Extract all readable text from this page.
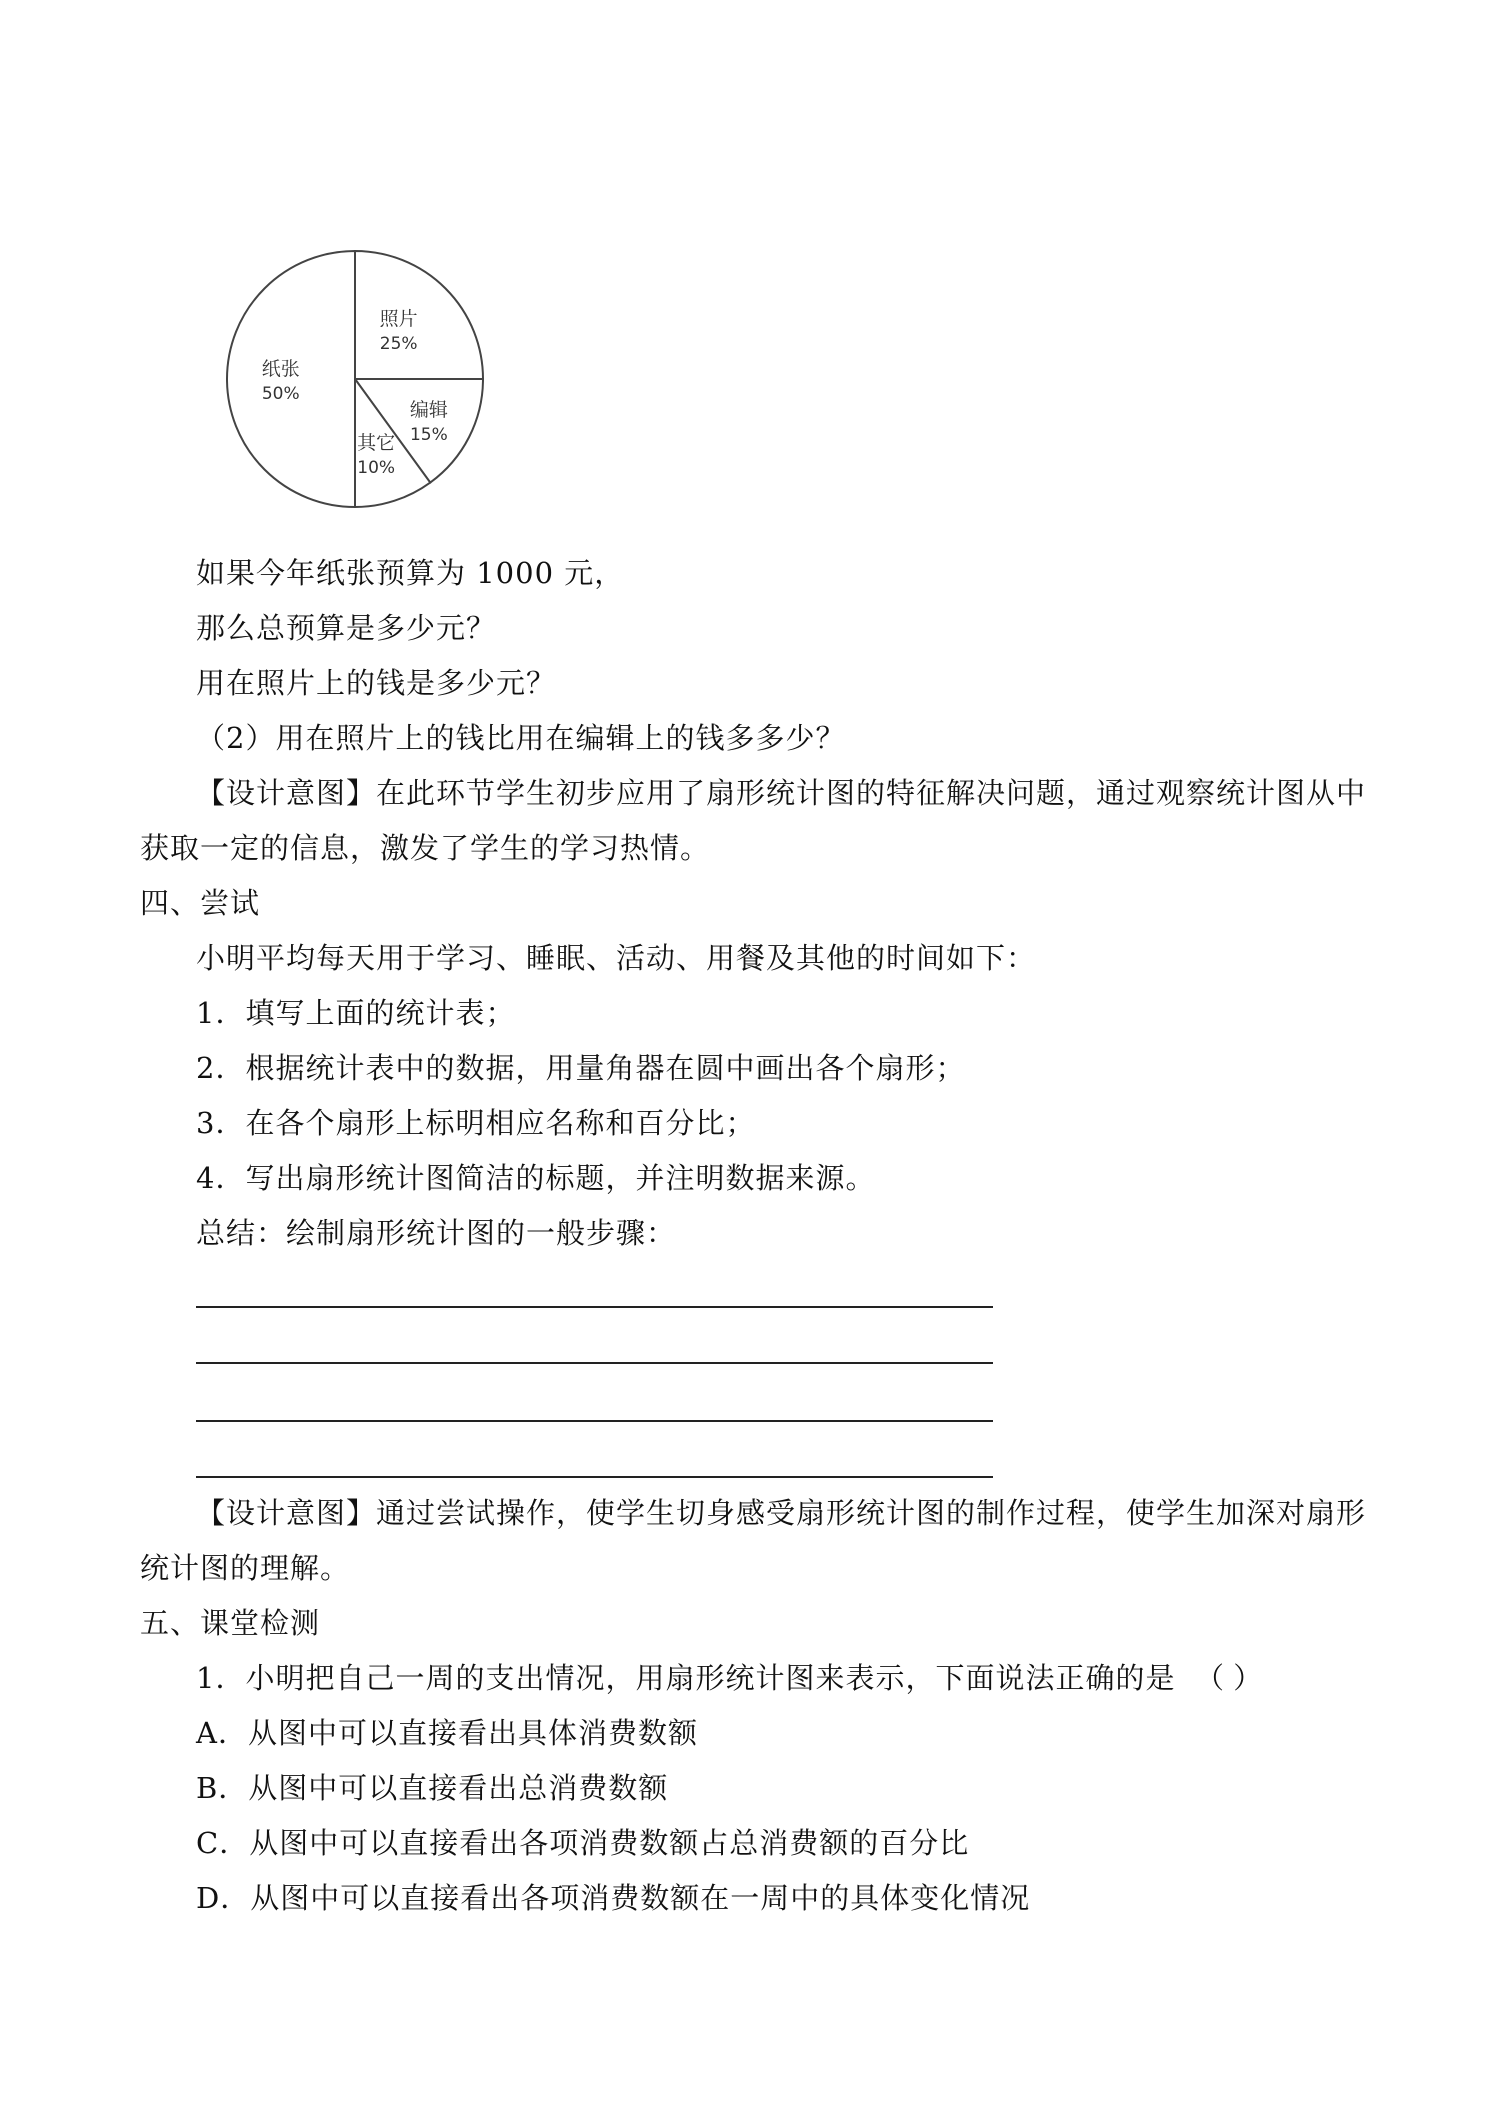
照片
25%
编辑
15%
其它
10%
纸张
50%
如果今年纸张预算为 1000 元，
那么总预算是多少元？
用在照片上的钱是多少元？
（2）用在照片上的钱比用在编辑上的钱多多少？
【设计意图】在此环节学生初步应用了扇形统计图的特征解决问题，通过观察统计图从中
获取一定的信息，激发了学生的学习热情。
四、尝试
小明平均每天用于学习、睡眠、活动、用餐及其他的时间如下：
1．填写上面的统计表；
2．根据统计表中的数据，用量角器在圆中画出各个扇形；
3．在各个扇形上标明相应名称和百分比；
4．写出扇形统计图简洁的标题，并注明数据来源。
总结：绘制扇形统计图的一般步骤：
【设计意图】通过尝试操作，使学生切身感受扇形统计图的制作过程，使学生加深对扇形
统计图的理解。
五、课堂检测
1．小明把自己一周的支出情况，用扇形统计图来表示，下面说法正确的是 （ ）
A．从图中可以直接看出具体消费数额
B．从图中可以直接看出总消费数额
C．从图中可以直接看出各项消费数额占总消费额的百分比
D．从图中可以直接看出各项消费数额在一周中的具体变化情况
